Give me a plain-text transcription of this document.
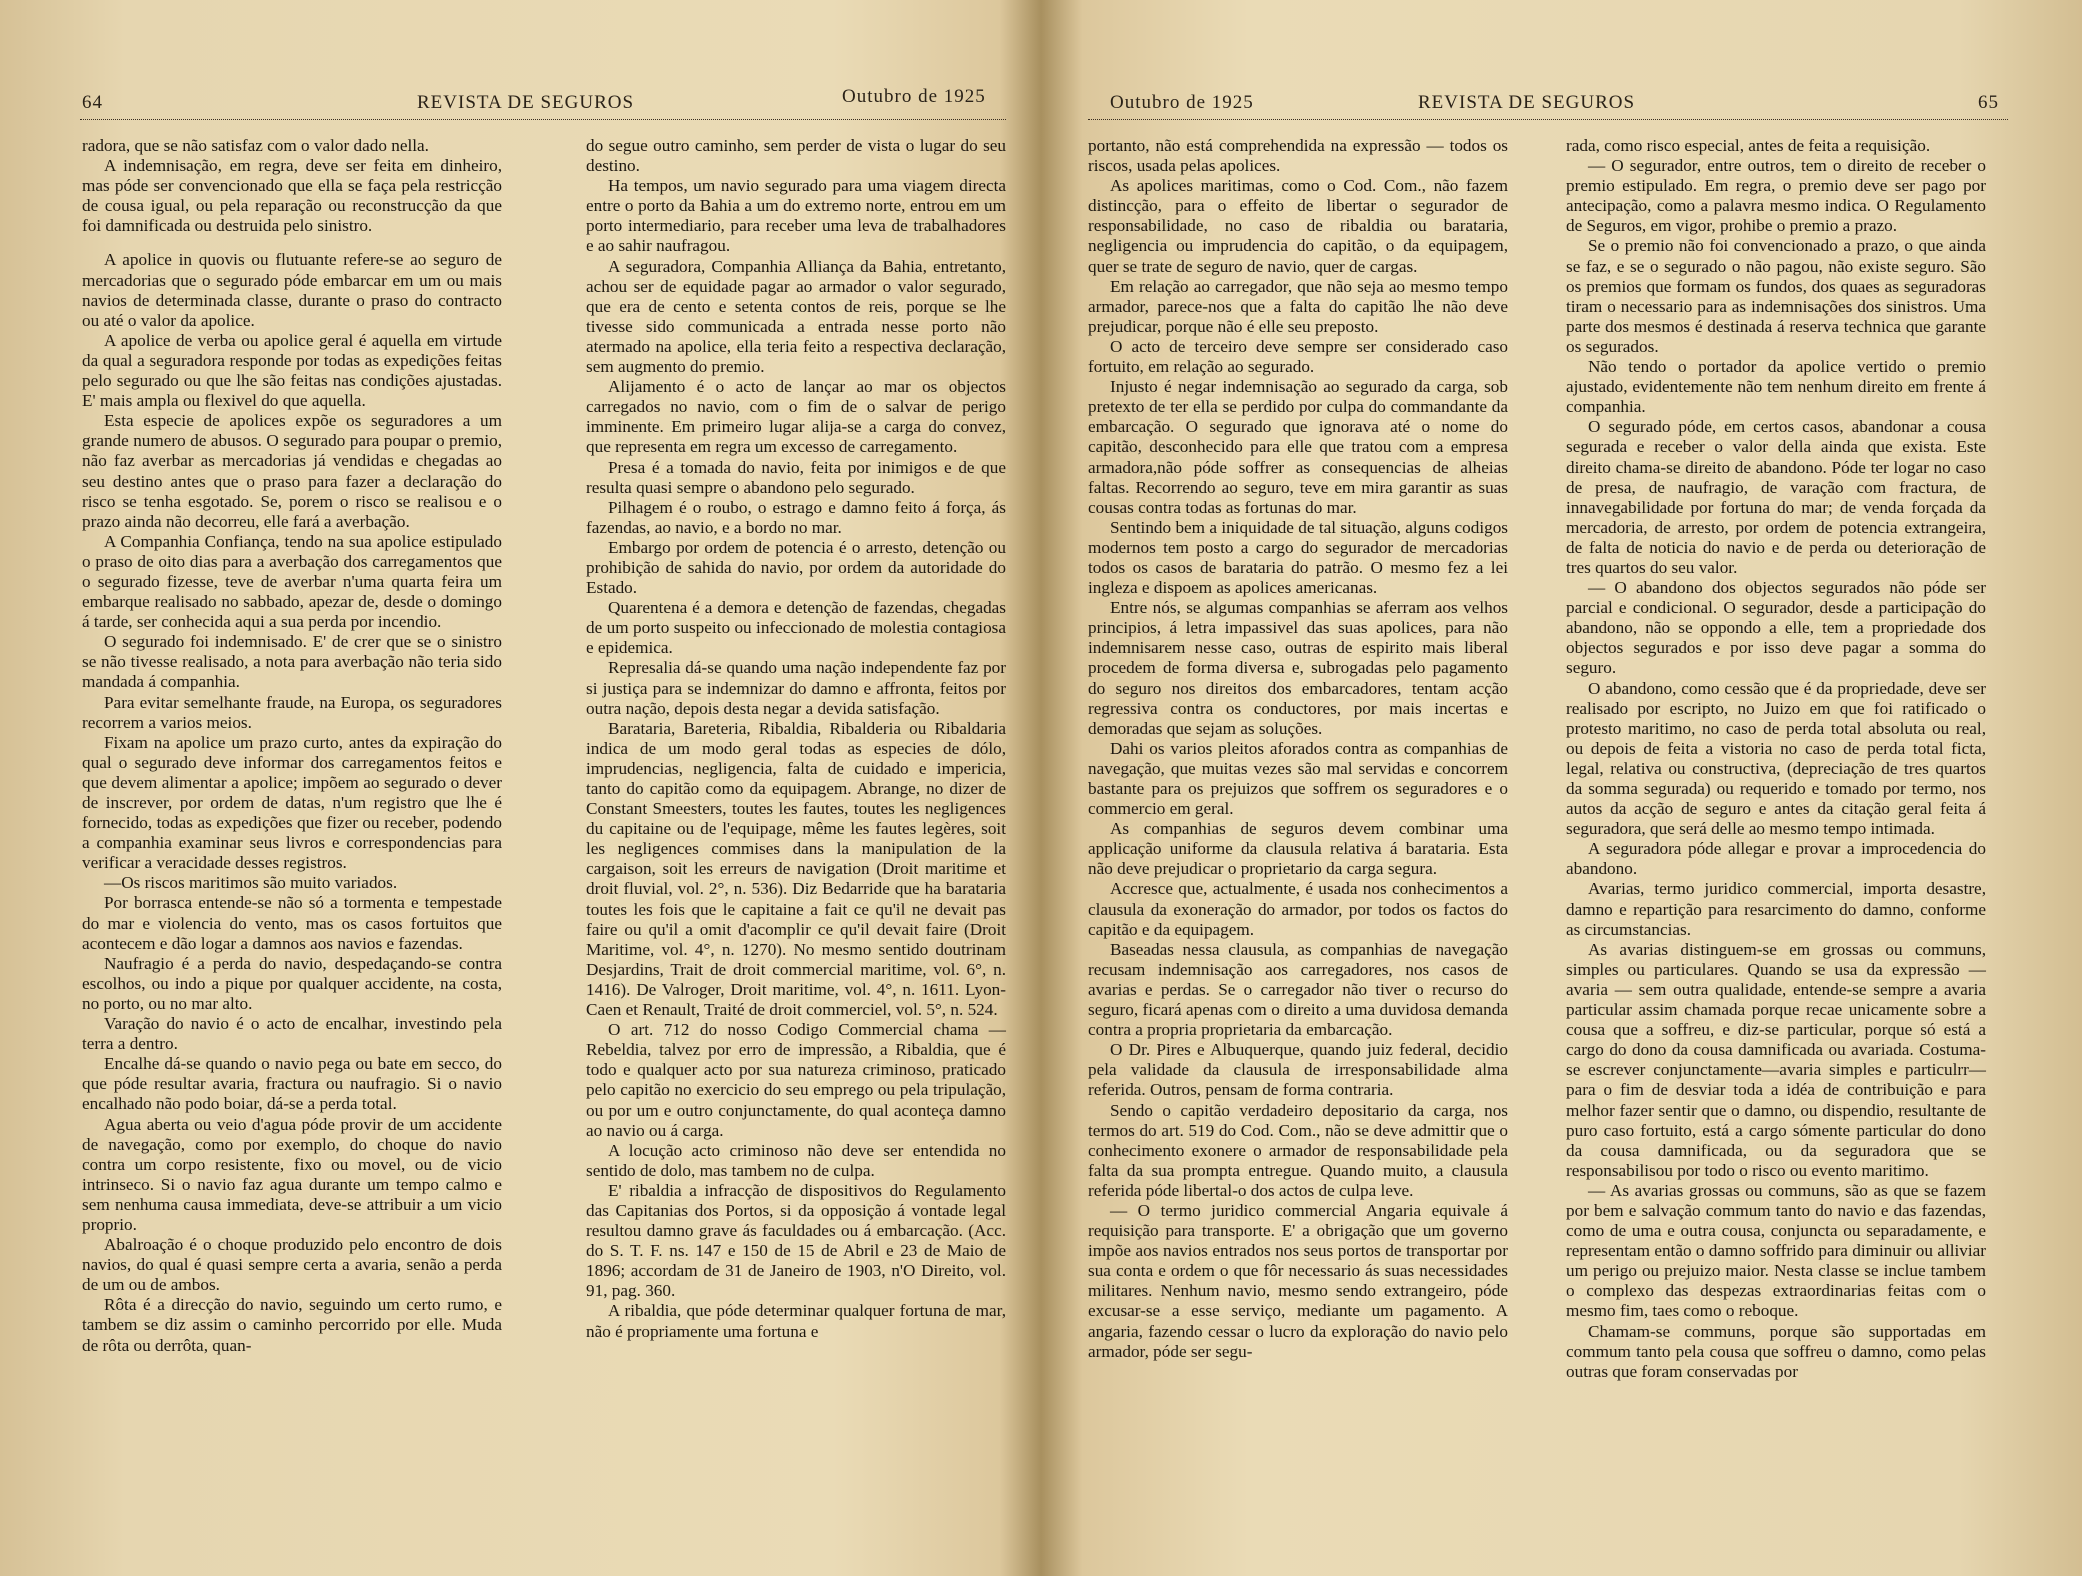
64	REVISTA DE SEGUROS	Outubro de 1925

radora, que se não satisfaz com o valor dado nella.

A indemnisação, em regra, deve ser feita em dinheiro, mas póde ser convencionado que ella se faça pela restricção de cousa igual, ou pela reparação ou reconstrucção da que foi damnificada ou destruida pelo sinistro.

A apolice in quovis ou flutuante refere-se ao seguro de mercadorias que o segurado póde embarcar em um ou mais navios de determinada classe, durante o praso do contracto ou até o valor da apolice.

A apolice de verba ou apolice geral é aquella em virtude da qual a seguradora responde por todas as expedições feitas pelo segurado ou que lhe são feitas nas condições ajustadas. E' mais ampla ou flexivel do que aquella.

Esta especie de apolices expõe os seguradores a um grande numero de abusos. O segurado para poupar o premio, não faz averbar as mercadorias já vendidas e chegadas ao seu destino antes que o praso para fazer a declaração do risco se tenha esgotado. Se, porem o risco se realisou e o prazo ainda não decorreu, elle fará a averbação.

A Companhia Confiança, tendo na sua apolice estipulado o praso de oito dias para a averbação dos carregamentos que o segurado fizesse, teve de averbar n'uma quarta feira um embarque realisado no sabbado, apezar de, desde o domingo á tarde, ser conhecida aqui a sua perda por incendio.

O segurado foi indemnisado. E' de crer que se o sinistro se não tivesse realisado, a nota para averbação não teria sido mandada á companhia.

Para evitar semelhante fraude, na Europa, os seguradores recorrem a varios meios.

Fixam na apolice um prazo curto, antes da expiração do qual o segurado deve informar dos carregamentos feitos e que devem alimentar a apolice; impõem ao segurado o dever de inscrever, por ordem de datas, n'um registro que lhe é fornecido, todas as expedições que fizer ou receber, podendo a companhia examinar seus livros e correspondencias para verificar a veracidade desses registros.

—Os riscos maritimos são muito variados.

Por borrasca entende-se não só a tormenta e tempestade do mar e violencia do vento, mas os casos fortuitos que acontecem e dão logar a damnos aos navios e fazendas.

Naufragio é a perda do navio, despedaçando-se contra escolhos, ou indo a pique por qualquer accidente, na costa, no porto, ou no mar alto.

Varação do navio é o acto de encalhar, investindo pela terra a dentro.

Encalhe dá-se quando o navio pega ou bate em secco, do que póde resultar avaria, fractura ou naufragio. Si o navio encalhado não podo boiar, dá-se a perda total.

Agua aberta ou veio d'agua póde provir de um accidente de navegação, como por exemplo, do choque do navio contra um corpo resistente, fixo ou movel, ou de vicio intrinseco. Si o navio faz agua durante um tempo calmo e sem nenhuma causa immediata, deve-se attribuir a um vicio proprio.

Abalroação é o choque produzido pelo encontro de dois navios, do qual é quasi sempre certa a avaria, senão a perda de um ou de ambos.

Rôta é a direcção do navio, seguindo um certo rumo, e tambem se diz assim o caminho percorrido por elle. Muda de rôta ou derrôta, quan-

do segue outro caminho, sem perder de vista o lugar do seu destino.

Ha tempos, um navio segurado para uma viagem directa entre o porto da Bahia a um do extremo norte, entrou em um porto intermediario, para receber uma leva de trabalhadores e ao sahir naufragou.

A seguradora, Companhia Alliança da Bahia, entretanto, achou ser de equidade pagar ao armador o valor segurado, que era de cento e setenta contos de reis, porque se lhe tivesse sido communicada a entrada nesse porto não atermado na apolice, ella teria feito a respectiva declaração, sem augmento do premio.

Alijamento é o acto de lançar ao mar os objectos carregados no navio, com o fim de o salvar de perigo imminente. Em primeiro lugar alija-se a carga do convez, que representa em regra um excesso de carregamento.

Presa é a tomada do navio, feita por inimigos e de que resulta quasi sempre o abandono pelo segurado.

Pilhagem é o roubo, o estrago e damno feito á força, ás fazendas, ao navio, e a bordo no mar.

Embargo por ordem de potencia é o arresto, detenção ou prohibição de sahida do navio, por ordem da autoridade do Estado.

Quarentena é a demora e detenção de fazendas, chegadas de um porto suspeito ou infeccionado de molestia contagiosa e epidemica.

Represalia dá-se quando uma nação independente faz por si justiça para se indemnizar do damno e affronta, feitos por outra nação, depois desta negar a devida satisfação.

Barataria, Bareteria, Ribaldia, Ribalderia ou Ribaldaria indica de um modo geral todas as especies de dólo, imprudencias, negligencia, falta de cuidado e impericia, tanto do capitão como da equipagem. Abrange, no dizer de Constant Smeesters, toutes les fautes, toutes les negligences du capitaine ou de l'equipage, même les fautes legères, soit les negligences commises dans la manipulation de la cargaison, soit les erreurs de navigation (Droit maritime et droit fluvial, vol. 2°, n. 536). Diz Bedarride que ha barataria toutes les fois que le capitaine a fait ce qu'il ne devait pas faire ou qu'il a omit d'acomplir ce qu'il devait faire (Droit Maritime, vol. 4°, n. 1270). No mesmo sentido doutrinam Desjardins, Trait de droit commercial maritime, vol. 6°, n. 1416). De Valroger, Droit maritime, vol. 4°, n. 1611. Lyon-Caen et Renault, Traité de droit commerciel, vol. 5°, n. 524.

O art. 712 do nosso Codigo Commercial chama —Rebeldia, talvez por erro de impressão, a Ribaldia, que é todo e qualquer acto por sua natureza criminoso, praticado pelo capitão no exercicio do seu emprego ou pela tripulação, ou por um e outro conjunctamente, do qual aconteça damno ao navio ou á carga.

A locução acto criminoso não deve ser entendida no sentido de dolo, mas tambem no de culpa.

E' ribaldia a infracção de dispositivos do Regulamento das Capitanias dos Portos, si da opposição á vontade legal resultou damno grave ás faculdades ou á embarcação. (Acc. do S. T. F. ns. 147 e 150 de 15 de Abril e 23 de Maio de 1896; accordam de 31 de Janeiro de 1903, n'O Direito, vol. 91, pag. 360.

A ribaldia, que póde determinar qualquer fortuna de mar, não é propriamente uma fortuna e

Outubro de 1925	REVISTA DE SEGUROS	65

portanto, não está comprehendida na expressão — todos os riscos, usada pelas apolices.

As apolices maritimas, como o Cod. Com., não fazem distincção, para o effeito de libertar o segurador de responsabilidade, no caso de ribaldia ou barataria, negligencia ou imprudencia do capitão, o da equipagem, quer se trate de seguro de navio, quer de cargas.

Em relação ao carregador, que não seja ao mesmo tempo armador, parece-nos que a falta do capitão lhe não deve prejudicar, porque não é elle seu preposto.

O acto de terceiro deve sempre ser considerado caso fortuito, em relação ao segurado.

Injusto é negar indemnisação ao segurado da carga, sob pretexto de ter ella se perdido por culpa do commandante da embarcação. O segurado que ignorava até o nome do capitão, desconhecido para elle que tratou com a empresa armadora,não póde soffrer as consequencias de alheias faltas. Recorrendo ao seguro, teve em mira garantir as suas cousas contra todas as fortunas do mar.

Sentindo bem a iniquidade de tal situação, alguns codigos modernos tem posto a cargo do segurador de mercadorias todos os casos de barataria do patrão. O mesmo fez a lei ingleza e dispoem as apolices americanas.

Entre nós, se algumas companhias se aferram aos velhos principios, á letra impassivel das suas apolices, para não indemnisarem nesse caso, outras de espirito mais liberal procedem de forma diversa e, subrogadas pelo pagamento do seguro nos direitos dos embarcadores, tentam acção regressiva contra os conductores, por mais incertas e demoradas que sejam as soluções.

Dahi os varios pleitos aforados contra as companhias de navegação, que muitas vezes são mal servidas e concorrem bastante para os prejuizos que soffrem os seguradores e o commercio em geral.

As companhias de seguros devem combinar uma applicação uniforme da clausula relativa á barataria. Esta não deve prejudicar o proprietario da carga segura.

Accresce que, actualmente, é usada nos conhecimentos a clausula da exoneração do armador, por todos os factos do capitão e da equipagem.

Baseadas nessa clausula, as companhias de navegação recusam indemnisação aos carregadores, nos casos de avarias e perdas. Se o carregador não tiver o recurso do seguro, ficará apenas com o direito a uma duvidosa demanda contra a propria proprietaria da embarcação.

O Dr. Pires e Albuquerque, quando juiz federal, decidio pela validade da clausula de irresponsabilidade alma referida. Outros, pensam de forma contraria.

Sendo o capitão verdadeiro depositario da carga, nos termos do art. 519 do Cod. Com., não se deve admittir que o conhecimento exonere o armador de responsabilidade pela falta da sua prompta entregue. Quando muito, a clausula referida póde libertal-o dos actos de culpa leve.

— O termo juridico commercial Angaria equivale á requisição para transporte. E' a obrigação que um governo impõe aos navios entrados nos seus portos de transportar por sua conta e ordem o que fôr necessario ás suas necessidades militares. Nenhum navio, mesmo sendo extrangeiro, póde excusar-se a esse serviço, mediante um pagamento. A angaria, fazendo cessar o lucro da exploração do navio pelo armador, póde ser segu-

rada, como risco especial, antes de feita a requisição.

— O segurador, entre outros, tem o direito de receber o premio estipulado. Em regra, o premio deve ser pago por antecipação, como a palavra mesmo indica. O Regulamento de Seguros, em vigor, prohibe o premio a prazo.

Se o premio não foi convencionado a prazo, o que ainda se faz, e se o segurado o não pagou, não existe seguro. São os premios que formam os fundos, dos quaes as seguradoras tiram o necessario para as indemnisações dos sinistros. Uma parte dos mesmos é destinada á reserva technica que garante os segurados.

Não tendo o portador da apolice vertido o premio ajustado, evidentemente não tem nenhum direito em frente á companhia.

O segurado póde, em certos casos, abandonar a cousa segurada e receber o valor della ainda que exista. Este direito chama-se direito de abandono. Póde ter logar no caso de presa, de naufragio, de varação com fractura, de innavegabilidade por fortuna do mar; de venda forçada da mercadoria, de arresto, por ordem de potencia extrangeira, de falta de noticia do navio e de perda ou deterioração de tres quartos do seu valor.

— O abandono dos objectos segurados não póde ser parcial e condicional. O segurador, desde a participação do abandono, não se oppondo a elle, tem a propriedade dos objectos segurados e por isso deve pagar a somma do seguro.

O abandono, como cessão que é da propriedade, deve ser realisado por escripto, no Juizo em que foi ratificado o protesto maritimo, no caso de perda total absoluta ou real, ou depois de feita a vistoria no caso de perda total ficta, legal, relativa ou constructiva, (depreciação de tres quartos da somma segurada) ou requerido e tomado por termo, nos autos da acção de seguro e antes da citação geral feita á seguradora, que será delle ao mesmo tempo intimada.

A seguradora póde allegar e provar a improcedencia do abandono.

Avarias, termo juridico commercial, importa desastre, damno e repartição para resarcimento do damno, conforme as circumstancias.

As avarias distinguem-se em grossas ou communs, simples ou particulares. Quando se usa da expressão — avaria — sem outra qualidade, entende-se sempre a avaria particular assim chamada porque recae unicamente sobre a cousa que a soffreu, e diz-se particular, porque só está a cargo do dono da cousa damnificada ou avariada. Costuma-se escrever conjunctamente—avaria simples e particulrr—para o fim de desviar toda a idéa de contribuição e para melhor fazer sentir que o damno, ou dispendio, resultante de puro caso fortuito, está a cargo sómente particular do dono da cousa damnificada, ou da seguradora que se responsabilisou por todo o risco ou evento maritimo.

— As avarias grossas ou communs, são as que se fazem por bem e salvação commum tanto do navio e das fazendas, como de uma e outra cousa, conjuncta ou separadamente, e representam então o damno soffrido para diminuir ou alliviar um perigo ou prejuizo maior. Nesta classe se inclue tambem o complexo das despezas extraordinarias feitas com o mesmo fim, taes como o reboque.

Chamam-se communs, porque são supportadas em commum tanto pela cousa que soffreu o damno, como pelas outras que foram conservadas por
